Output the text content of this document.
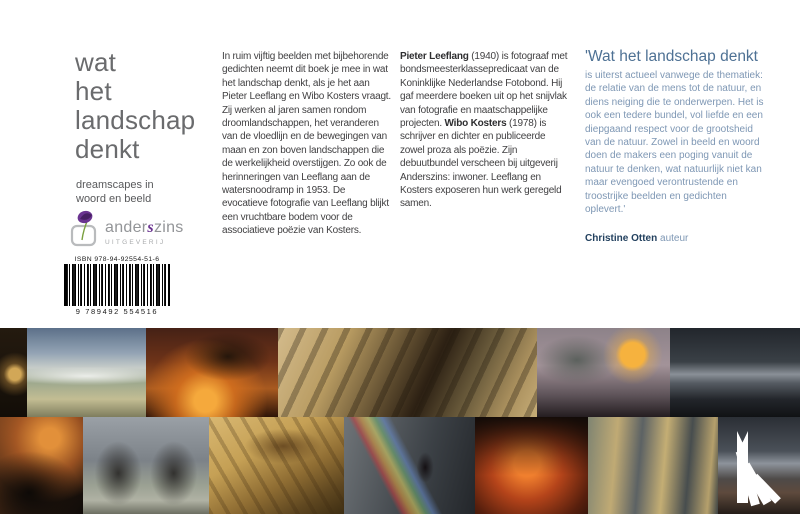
wat
het
landschap
denkt
dreamscapes in
woord en beeld
anderszins
UITGEVERIJ
ISBN 978-94-92554-51-6
9 789492 554516
In ruim vijftig beelden met bijbehorende gedichten neemt dit boek je mee in wat het landschap denkt, als je het aan Pieter Leeflang en Wibo Kosters vraagt. Zij werken al jaren samen rondom droomlandschappen, het veranderen van de vloedlijn en de bewegingen van maan en zon boven landschappen die de werkelijkheid overstijgen. Zo ook de herinneringen van Leeflang aan de watersnoodramp in 1953. De evocatieve fotografie van Leeflang blijkt een vruchtbare bodem voor de associatieve poëzie van Kosters.
Pieter Leeflang (1940) is fotograaf met bondsmeesterklassepredicaat van de Koninklijke Nederlandse Fotobond. Hij gaf meerdere boeken uit op het snijvlak van fotografie en maatschappelijke projecten. Wibo Kosters (1978) is schrijver en dichter en publiceerde zowel proza als poëzie. Zijn debuutbundel verscheen bij uitgeverij Anderszins: inwoner. Leeflang en Kosters exposeren hun werk geregeld samen.
'Wat het landschap denkt
is uiterst actueel vanwege de thematiek: de relatie van de mens tot de natuur, en diens neiging die te onderwerpen. Het is ook een tedere bundel, vol liefde en een diepgaand respect voor de grootsheid van de natuur. Zowel in beeld en woord doen de makers een poging vanuit de natuur te denken, wat natuurlijk niet kan maar evengoed verontrustende en troostrijke beelden en gedichten oplevert.'
Christine Otten auteur
